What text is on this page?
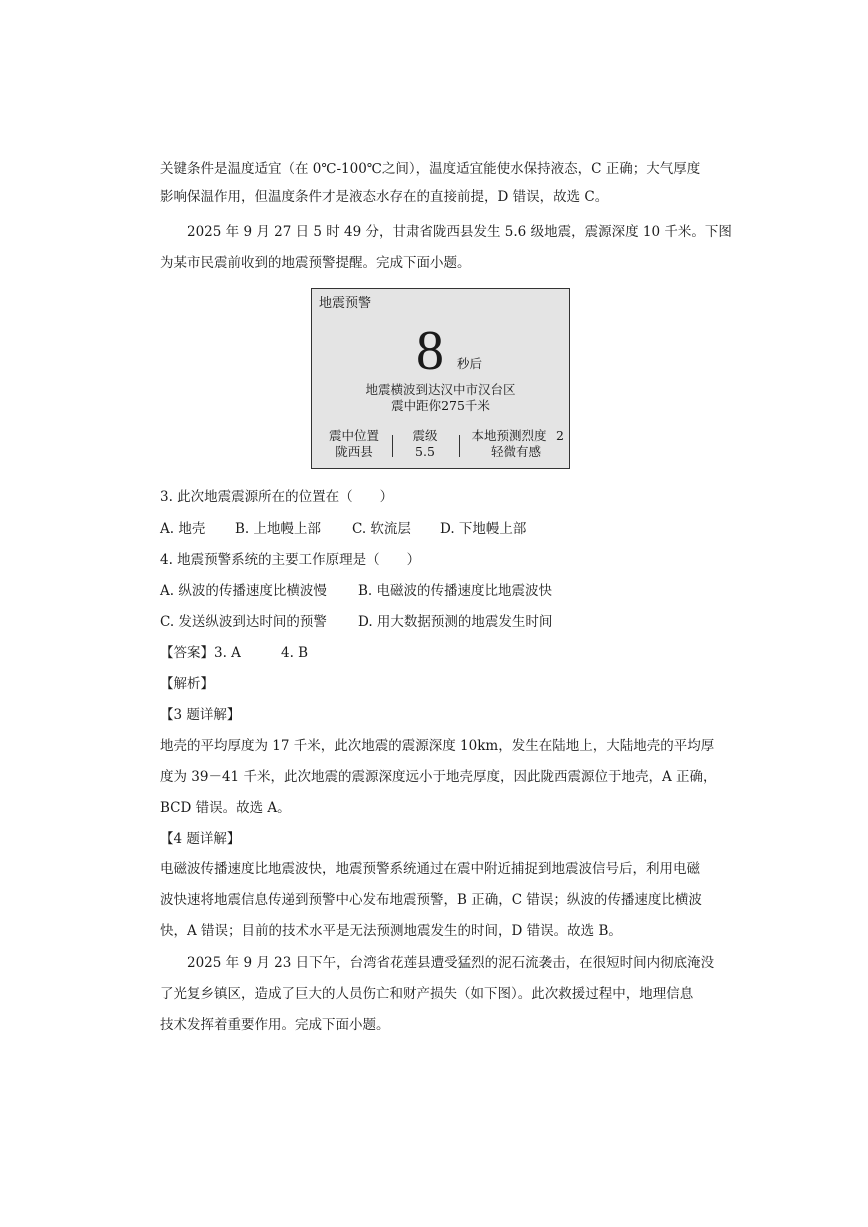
关键条件是温度适宜（在 0℃-100℃之间），温度适宜能使水保持液态，C 正确；大气厚度
影响保温作用，但温度条件才是液态水存在的直接前提，D 错误，故选 C。
2025 年 9 月 27 日 5 时 49 分，甘肃省陇西县发生 5.6 级地震，震源深度 10 千米。下图
为某市民震前收到的地震预警提醒。完成下面小题。
地震预警
8 秒后
地震横波到达汉中市汉台区
震中距你275千米
震中位置
陇西县
震级
5.5
本地预测烈度 2
轻微有感
3. 此次地震震源所在的位置在（　　）
A. 地壳	B. 上地幔上部	C. 软流层	D. 下地幔上部
4. 地震预警系统的主要工作原理是（　　）
A. 纵波的传播速度比横波慢	B. 电磁波的传播速度比地震波快
C. 发送纵波到达时间的预警	D. 用大数据预测的地震发生时间
【答案】 3. A	4. B
【解析】
【3 题详解】
地壳的平均厚度为 17 千米，此次地震的震源深度 10km，发生在陆地上，大陆地壳的平均厚
度为 39－41 千米，此次地震的震源深度远小于地壳厚度，因此陇西震源位于地壳，A 正确，
BCD 错误。故选 A。
【4 题详解】
电磁波传播速度比地震波快，地震预警系统通过在震中附近捕捉到地震波信号后，利用电磁
波快速将地震信息传递到预警中心发布地震预警，B 正确，C 错误；纵波的传播速度比横波
快，A 错误；目前的技术水平是无法预测地震发生的时间，D 错误。故选 B。
2025 年 9 月 23 日下午，台湾省花莲县遭受猛烈的泥石流袭击，在很短时间内彻底淹没
了光复乡镇区，造成了巨大的人员伤亡和财产损失（如下图）。此次救援过程中，地理信息
技术发挥着重要作用。完成下面小题。
